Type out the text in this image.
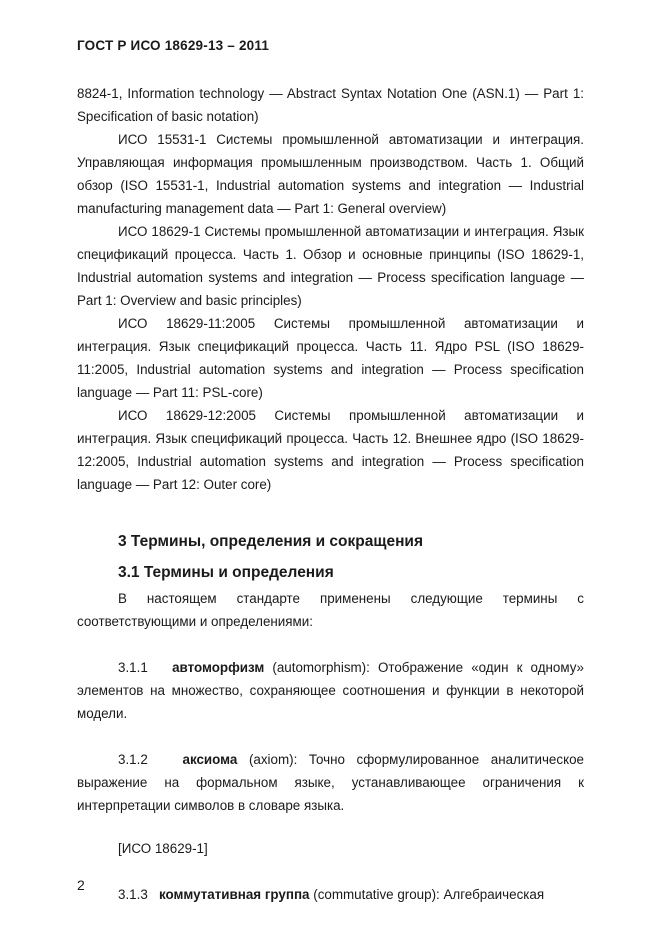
ГОСТ Р ИСО 18629-13 – 2011

8824-1, Information technology — Abstract Syntax Notation One (ASN.1) — Part 1: Specification of basic notation)

ИСО 15531-1 Системы промышленной автоматизации и интеграция. Управляющая информация промышленным производством. Часть 1. Общий обзор (ISO 15531-1, Industrial automation systems and integration — Industrial manufacturing management data — Part 1: General overview)

ИСО 18629-1 Системы промышленной автоматизации и интеграция. Язык спецификаций процесса. Часть 1. Обзор и основные принципы (ISO 18629-1, Industrial automation systems and integration — Process specification language — Part 1: Overview and basic principles)

ИСО 18629-11:2005 Системы промышленной автоматизации и интеграция. Язык спецификаций процесса. Часть 11. Ядро PSL (ISO 18629-11:2005, Industrial automation systems and integration — Process specification language — Part 11: PSL-core)

ИСО 18629-12:2005 Системы промышленной автоматизации и интеграция. Язык спецификаций процесса. Часть 12. Внешнее ядро (ISO 18629-12:2005, Industrial automation systems and integration — Process specification language — Part 12: Outer core)

3 Термины, определения и сокращения
3.1 Термины и определения

В настоящем стандарте применены следующие термины с соответствующими и определениями:

3.1.1 автоморфизм (automorphism): Отображение «один к одному» элементов на множество, сохраняющее соотношения и функции в некоторой модели.

3.1.2	аксиома (axiom): Точно сформулированное аналитическое выражение на формальном языке, устанавливающее ограничения к интерпретации символов в словаре языка.

[ИСО 18629-1]

3.1.3 коммутативная группа (commutative group): Алгебраическая

2
